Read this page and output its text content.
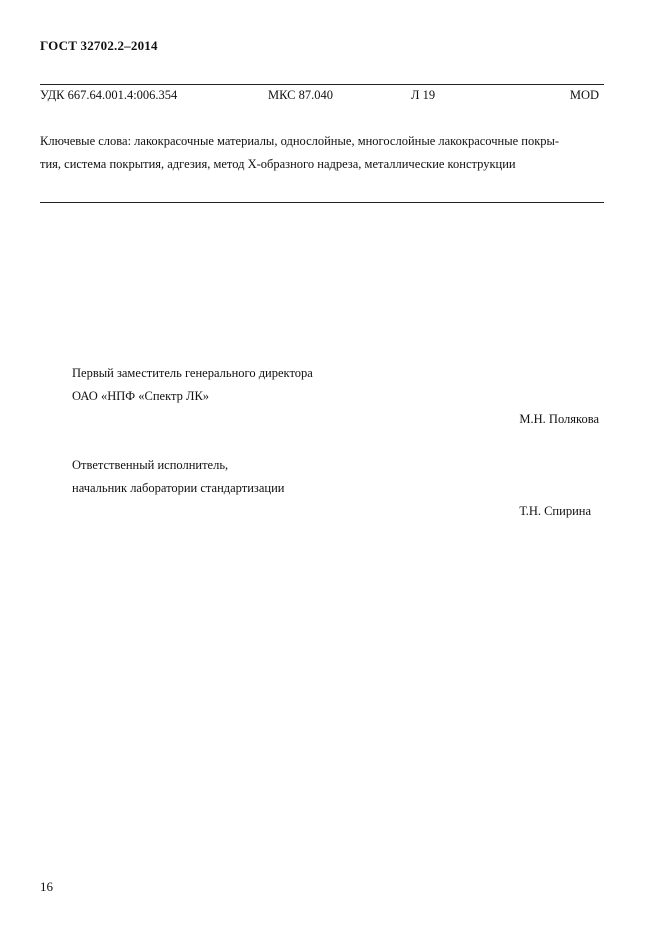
ГОСТ 32702.2–2014
УДК 667.64.001.4:006.354	МКС 87.040	Л 19	MOD
Ключевые слова: лакокрасочные материалы, однослойные, многослойные лакокрасочные покры-
тия, система покрытия, адгезия, метод Х-образного надреза, металлические конструкции
Первый заместитель генерального директора
ОАО «НПФ «Спектр ЛК»
М.Н. Полякова
Ответственный исполнитель,
начальник лаборатории стандартизации
Т.Н. Спирина
16
